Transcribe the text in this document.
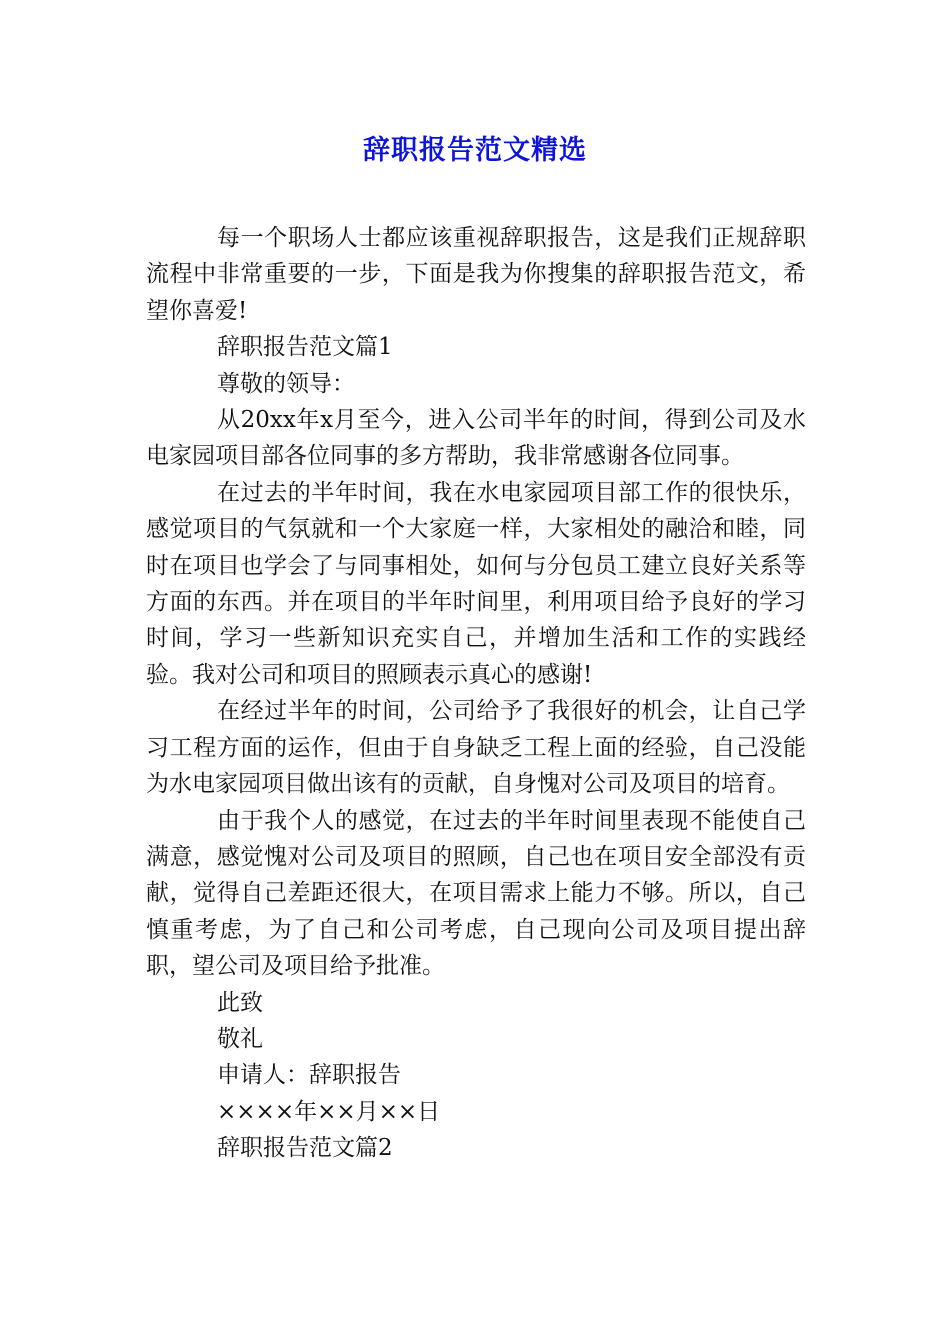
辞职报告范文精选

每一个职场人士都应该重视辞职报告，这是我们正规辞职流程中非常重要的一步，下面是我为你搜集的辞职报告范文，希望你喜爱!

辞职报告范文篇1

尊敬的领导：

从20xx年x月至今，进入公司半年的时间，得到公司及水电家园项目部各位同事的多方帮助，我非常感谢各位同事。

在过去的半年时间，我在水电家园项目部工作的很快乐，感觉项目的气氛就和一个大家庭一样，大家相处的融洽和睦，同时在项目也学会了与同事相处，如何与分包员工建立良好关系等方面的东西。并在项目的半年时间里，利用项目给予良好的学习时间，学习一些新知识充实自己，并增加生活和工作的实践经验。我对公司和项目的照顾表示真心的感谢!

在经过半年的时间，公司给予了我很好的机会，让自己学习工程方面的运作，但由于自身缺乏工程上面的经验，自己没能为水电家园项目做出该有的贡献，自身愧对公司及项目的培育。

由于我个人的感觉，在过去的半年时间里表现不能使自己满意，感觉愧对公司及项目的照顾，自己也在项目安全部没有贡献，觉得自己差距还很大，在项目需求上能力不够。所以，自己慎重考虑，为了自己和公司考虑，自己现向公司及项目提出辞职，望公司及项目给予批准。

此致

敬礼

申请人：辞职报告

××××年××月××日

辞职报告范文篇2
